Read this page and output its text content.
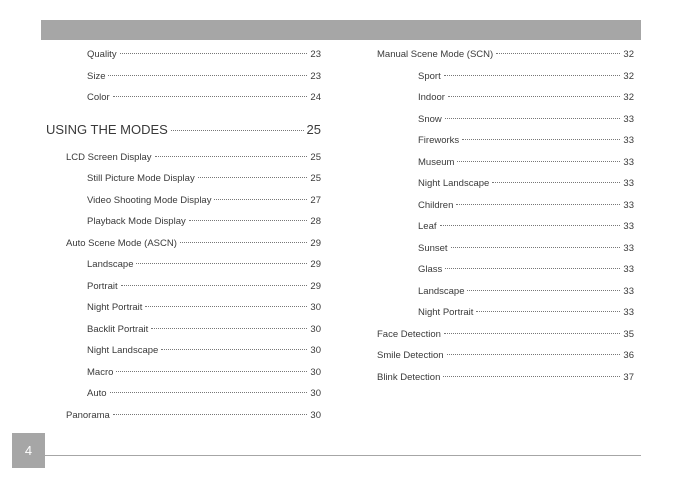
Quality	23
Size	23
Color	24
USING THE MODES	25
LCD Screen Display	25
Still Picture Mode Display	25
Video Shooting Mode Display	27
Playback Mode Display	28
Auto Scene Mode (ASCN)	29
Landscape	29
Portrait	29
Night Portrait	30
Backlit Portrait	30
Night Landscape	30
Macro	30
Auto	30
Panorama	30
Manual Scene Mode (SCN)	32
Sport	32
Indoor	32
Snow	33
Fireworks	33
Museum	33
Night Landscape	33
Children	33
Leaf	33
Sunset	33
Glass	33
Landscape	33
Night Portrait	33
Face Detection	35
Smile Detection	36
Blink Detection	37
4
